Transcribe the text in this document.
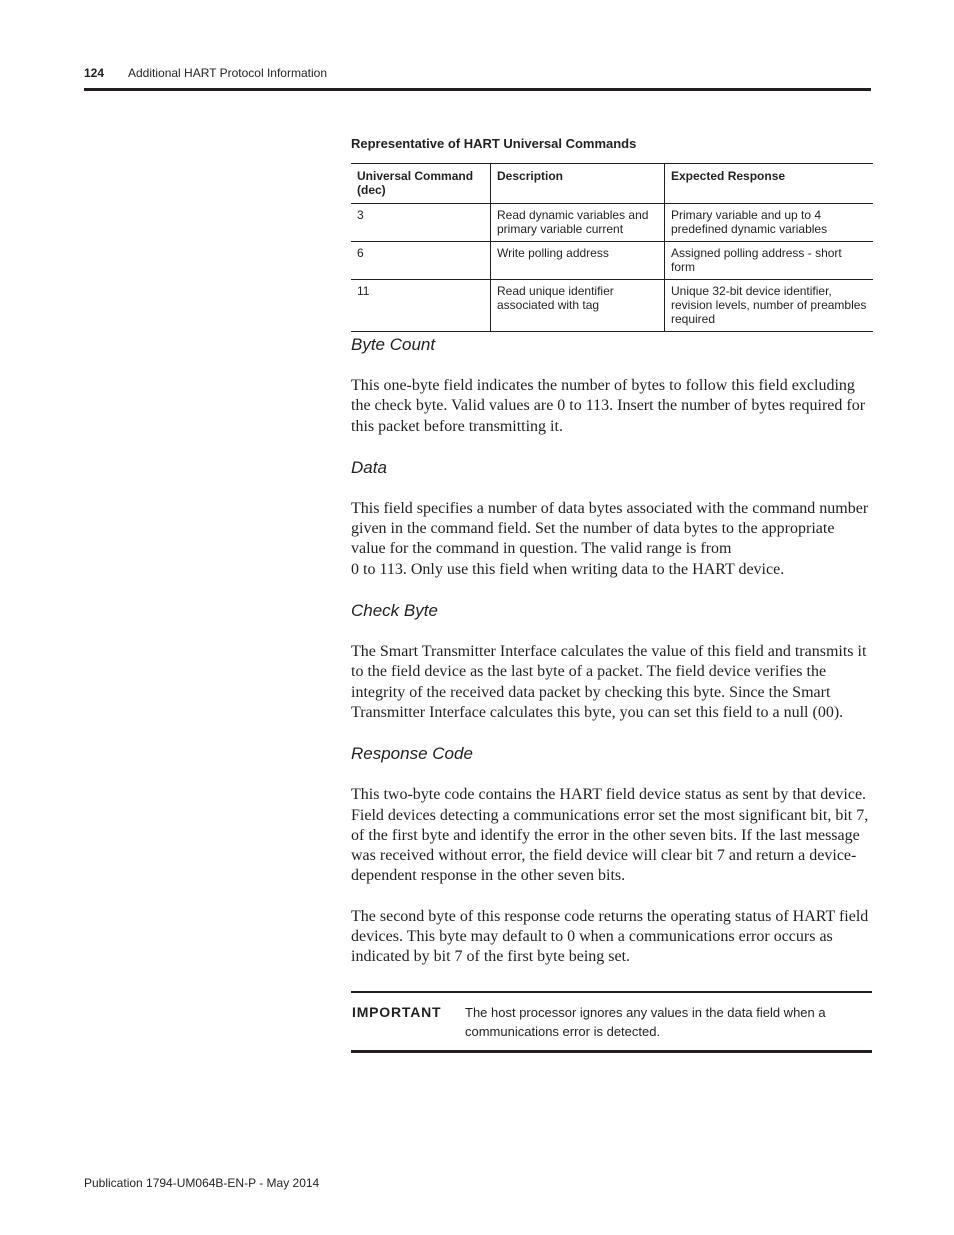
124 Additional HART Protocol Information
Representative of HART Universal Commands
Universal Command (dec)	Description	Expected Response
3	Read dynamic variables and primary variable current	Primary variable and up to 4 predefined dynamic variables
6	Write polling address	Assigned polling address - short form
11	Read unique identifier associated with tag	Unique 32-bit device identifier, revision levels, number of preambles required
Byte Count

This one-byte field indicates the number of bytes to follow this field excluding the check byte. Valid values are 0 to 113. Insert the number of bytes required for this packet before transmitting it.

Data

This field specifies a number of data bytes associated with the command number given in the command field. Set the number of data bytes to the appropriate value for the command in question. The valid range is from
0 to 113. Only use this field when writing data to the HART device.

Check Byte

The Smart Transmitter Interface calculates the value of this field and transmits it to the field device as the last byte of a packet. The field device verifies the integrity of the received data packet by checking this byte. Since the Smart Transmitter Interface calculates this byte, you can set this field to a null (00).

Response Code

This two-byte code contains the HART field device status as sent by that device. Field devices detecting a communications error set the most significant bit, bit 7, of the first byte and identify the error in the other seven bits. If the last message was received without error, the field device will clear bit 7 and return a device-dependent response in the other seven bits.

The second byte of this response code returns the operating status of HART field devices. This byte may default to 0 when a communications error occurs as indicated by bit 7 of the first byte being set.

IMPORTANT The host processor ignores any values in the data field when a communications error is detected.
Publication 1794-UM064B-EN-P - May 2014
